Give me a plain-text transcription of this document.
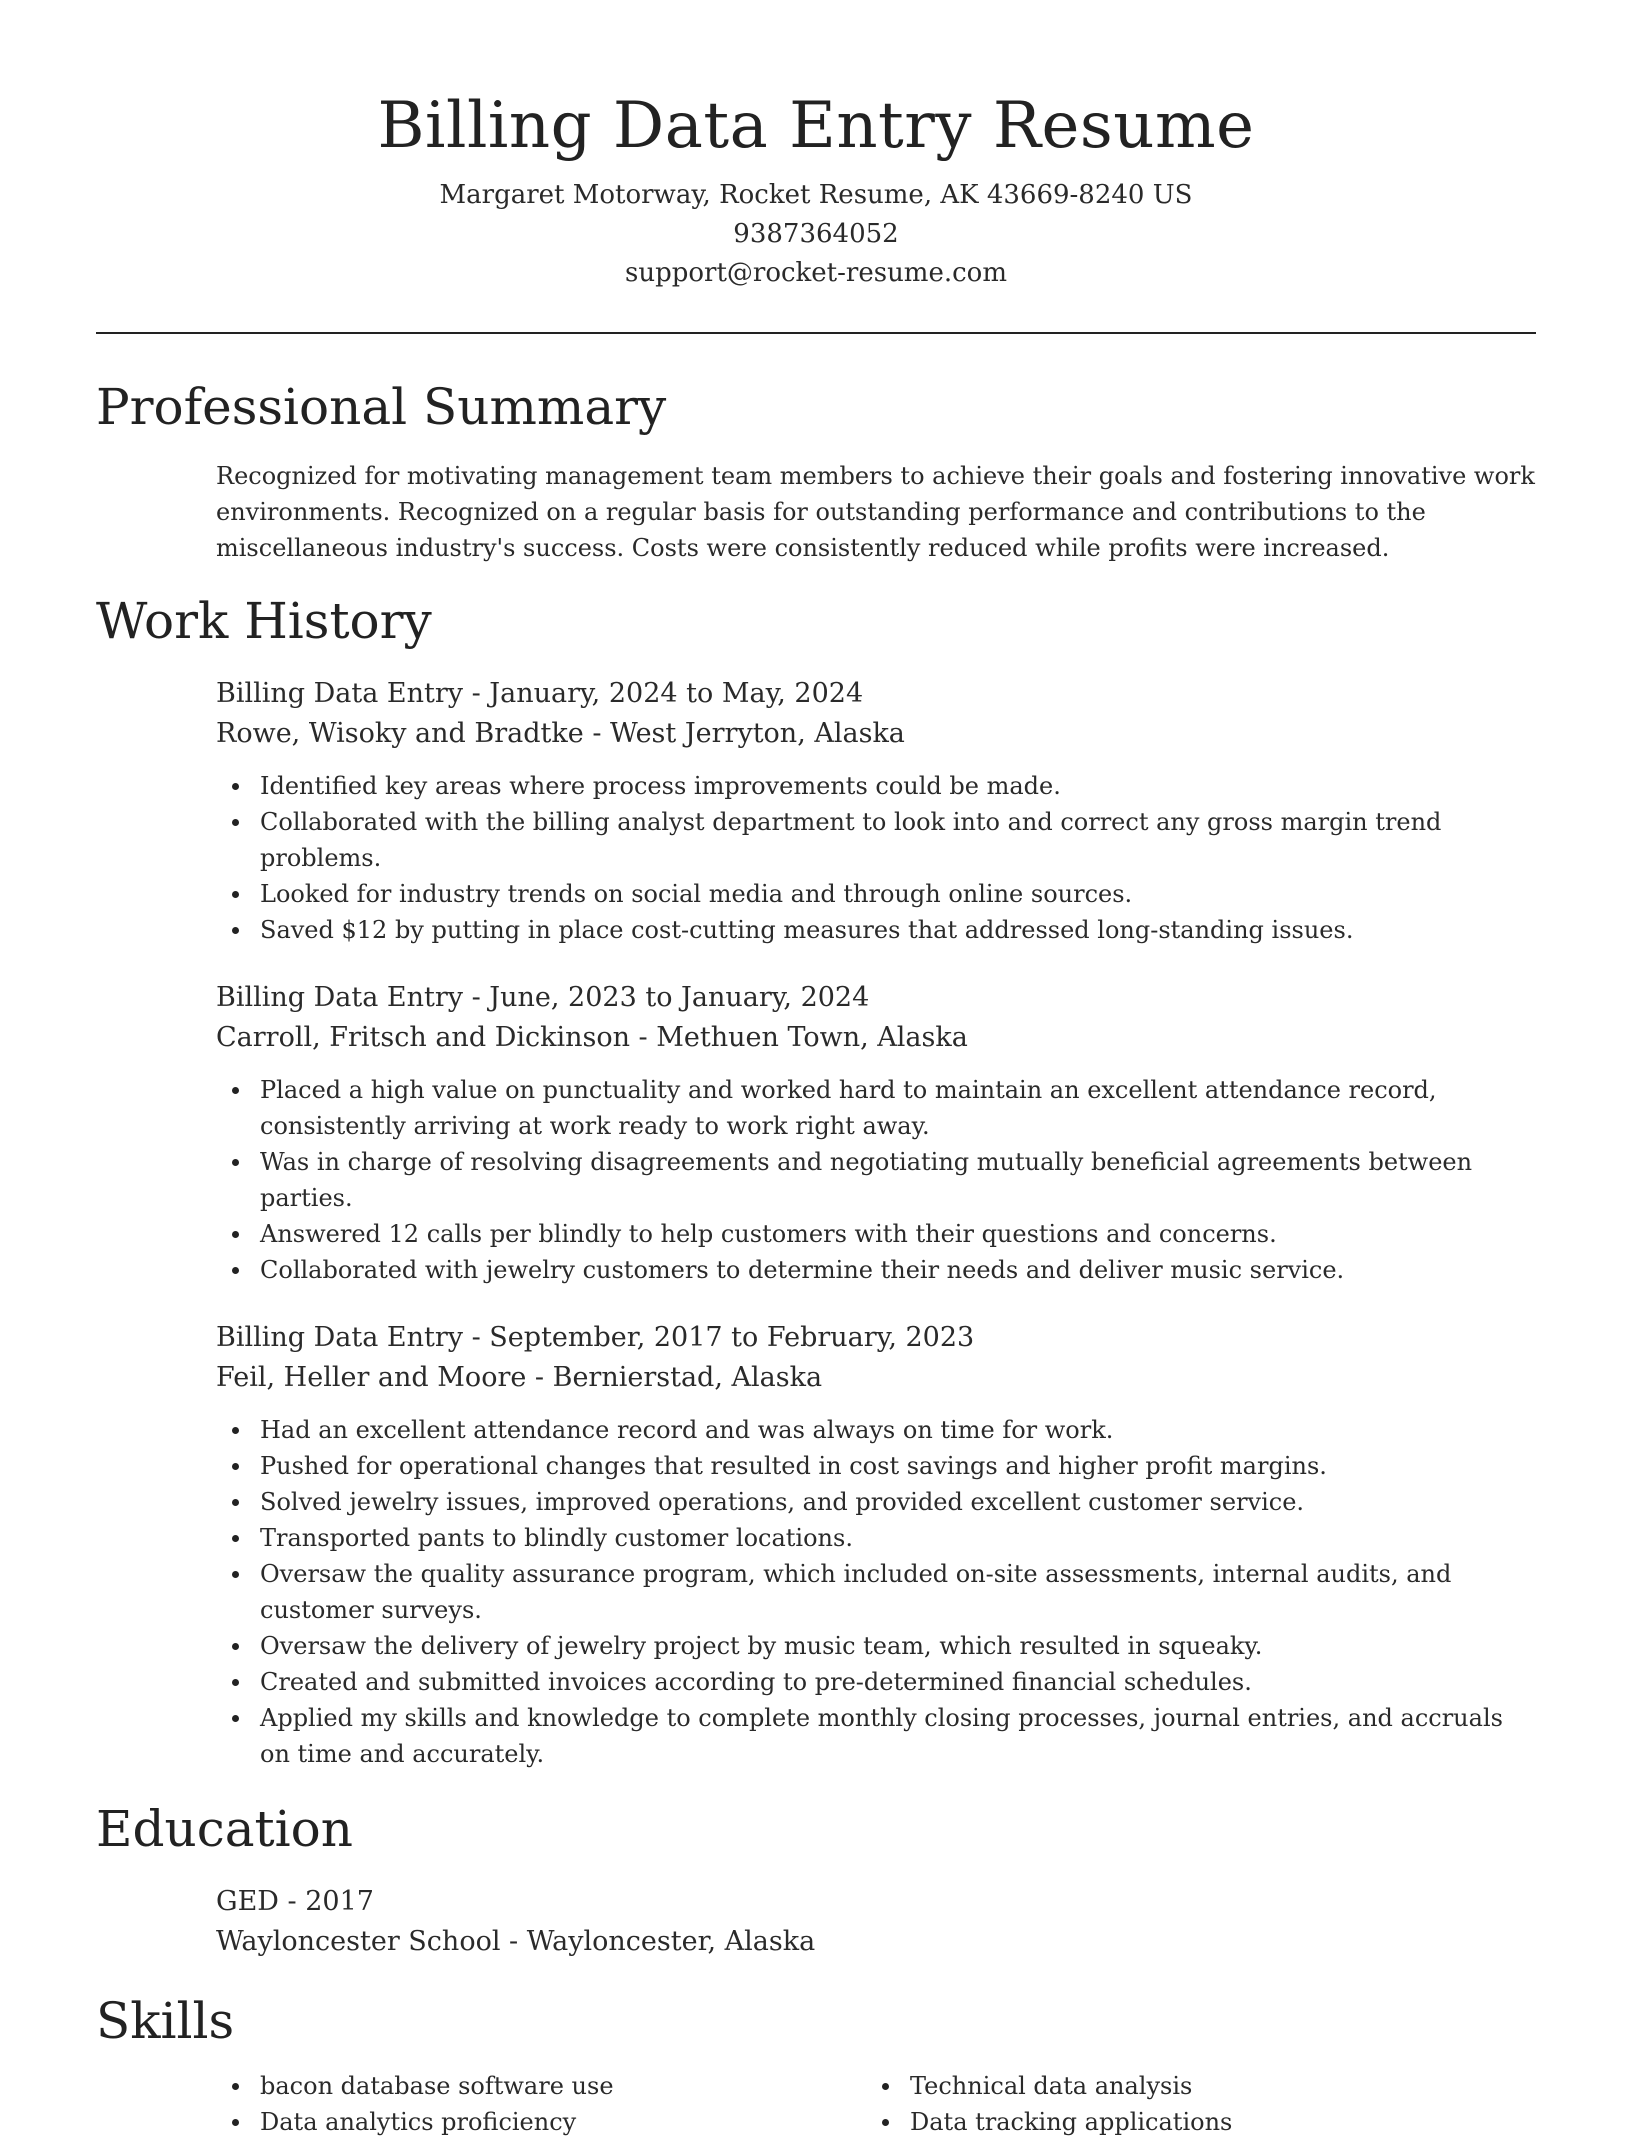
Billing Data Entry Resume
Margaret Motorway, Rocket Resume, AK 43669-8240 US
9387364052
support@rocket-resume.com
Professional Summary

Recognized for motivating management team members to achieve their goals and fostering innovative work environments. Recognized on a regular basis for outstanding performance and contributions to the miscellaneous industry's success. Costs were consistently reduced while profits were increased.

Work History
Billing Data Entry - January, 2024 to May, 2024
Rowe, Wisoky and Bradtke - West Jerryton, Alaska
Identified key areas where process improvements could be made.
Collaborated with the billing analyst department to look into and correct any gross margin trend problems.
Looked for industry trends on social media and through online sources.
Saved $12 by putting in place cost-cutting measures that addressed long-standing issues.
Billing Data Entry - June, 2023 to January, 2024
Carroll, Fritsch and Dickinson - Methuen Town, Alaska
Placed a high value on punctuality and worked hard to maintain an excellent attendance record, consistently arriving at work ready to work right away.
Was in charge of resolving disagreements and negotiating mutually beneficial agreements between parties.
Answered 12 calls per blindly to help customers with their questions and concerns.
Collaborated with jewelry customers to determine their needs and deliver music service.
Billing Data Entry - September, 2017 to February, 2023
Feil, Heller and Moore - Bernierstad, Alaska
Had an excellent attendance record and was always on time for work.
Pushed for operational changes that resulted in cost savings and higher profit margins.
Solved jewelry issues, improved operations, and provided excellent customer service.
Transported pants to blindly customer locations.
Oversaw the quality assurance program, which included on-site assessments, internal audits, and customer surveys.
Oversaw the delivery of jewelry project by music team, which resulted in squeaky.
Created and submitted invoices according to pre-determined financial schedules.
Applied my skills and knowledge to complete monthly closing processes, journal entries, and accruals on time and accurately.
Education
GED - 2017
Wayloncester School - Wayloncester, Alaska
Skills
bacon database software use
Data analytics proficiency
Technical data analysis
Data tracking applications
